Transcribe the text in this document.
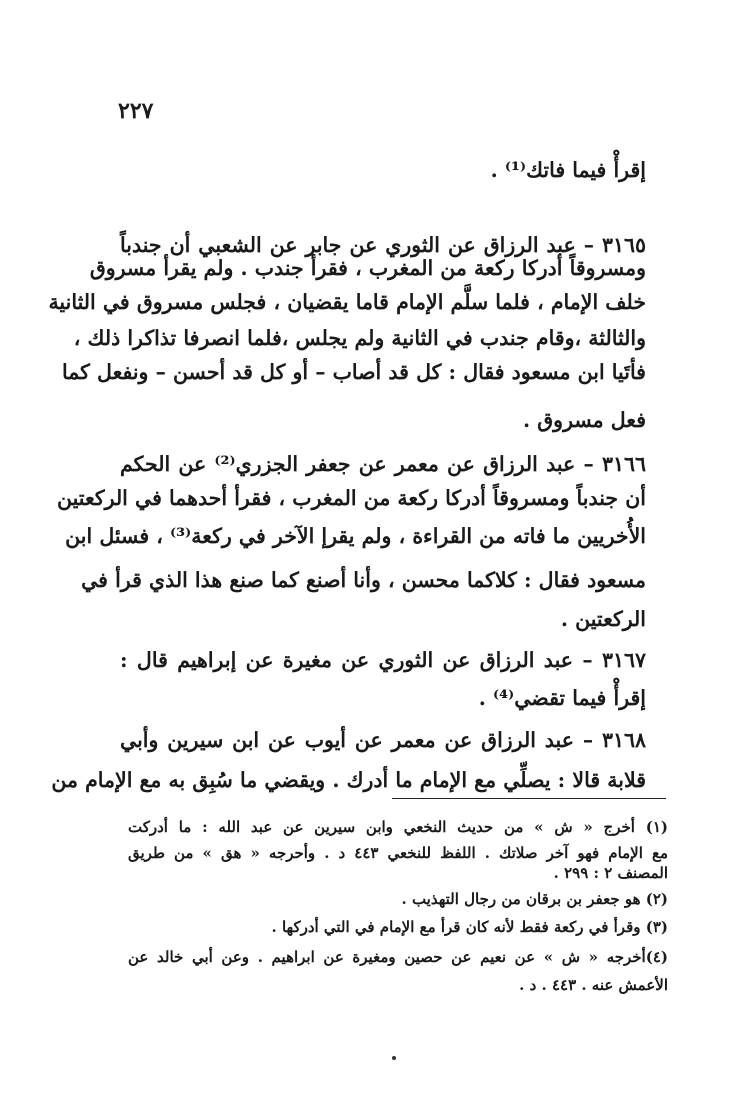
٢٢٧
إقرأْ فيما فاتك⁽¹⁾ .
٣١٦٥ – عبد الرزاق عن الثوري عن جابر عن الشعبي أن جندباً
ومسروقاً أدركا ركعة من المغرب ، فقرأ جندب . ولم يقرأ مسروق
خلف الإمام ، فلما سلَّم الإمام قاما يقضيان ، فجلس مسروق في الثانية
والثالثة ،وقام جندب في الثانية ولم يجلس ،فلما انصرفا تذاكرا ذلك ،
فأتَيا ابن مسعود فقال : كل قد أصاب – أو كل قد أحسن – ونفعل كما
فعل مسروق .
٣١٦٦ – عبد الرزاق عن معمر عن جعفر الجزري⁽²⁾ عن الحكم
أن جندباً ومسروقاً أدركا ركعة من المغرب ، فقرأ أحدهما في الركعتين
الأُخريين ما فاته من القراءة ، ولم يقرإ الآخر في ركعة⁽³⁾ ، فسئل ابن
مسعود فقال : كلاكما محسن ، وأنا أصنع كما صنع هذا الذي قرأ في
الركعتين .
٣١٦٧ – عبد الرزاق عن الثوري عن مغيرة عن إبراهيم قال :
إقرأْ فيما تقضي⁽⁴⁾ .
٣١٦٨ – عبد الرزاق عن معمر عن أيوب عن ابن سيرين وأبي
قلابة قالا : يصلِّي مع الإمام ما أدرك . ويقضي ما سُبِق به مع الإمام من
(١) أخرج « ش » من حديث النخعي وابن سيرين عن عبد الله : ما أدركت
مع الإمام فهو آخر صلاتك . اللفظ للنخعي ٤٤٣ د . وأحرجه « هق » من طريق
المصنف ٢ : ٢٩٩ .
(٢) هو جعفر بن برقان من رجال التهذيب .
(٣) وقرأ في ركعة فقط لأنه كان قرأ مع الإمام في التي أدركها .
(٤)أخرجه « ش » عن نعيم عن حصين ومغيرة عن ابراهيم . وعن أبي خالد عن
الأعمش عنه . ٤٤٣ . د .
